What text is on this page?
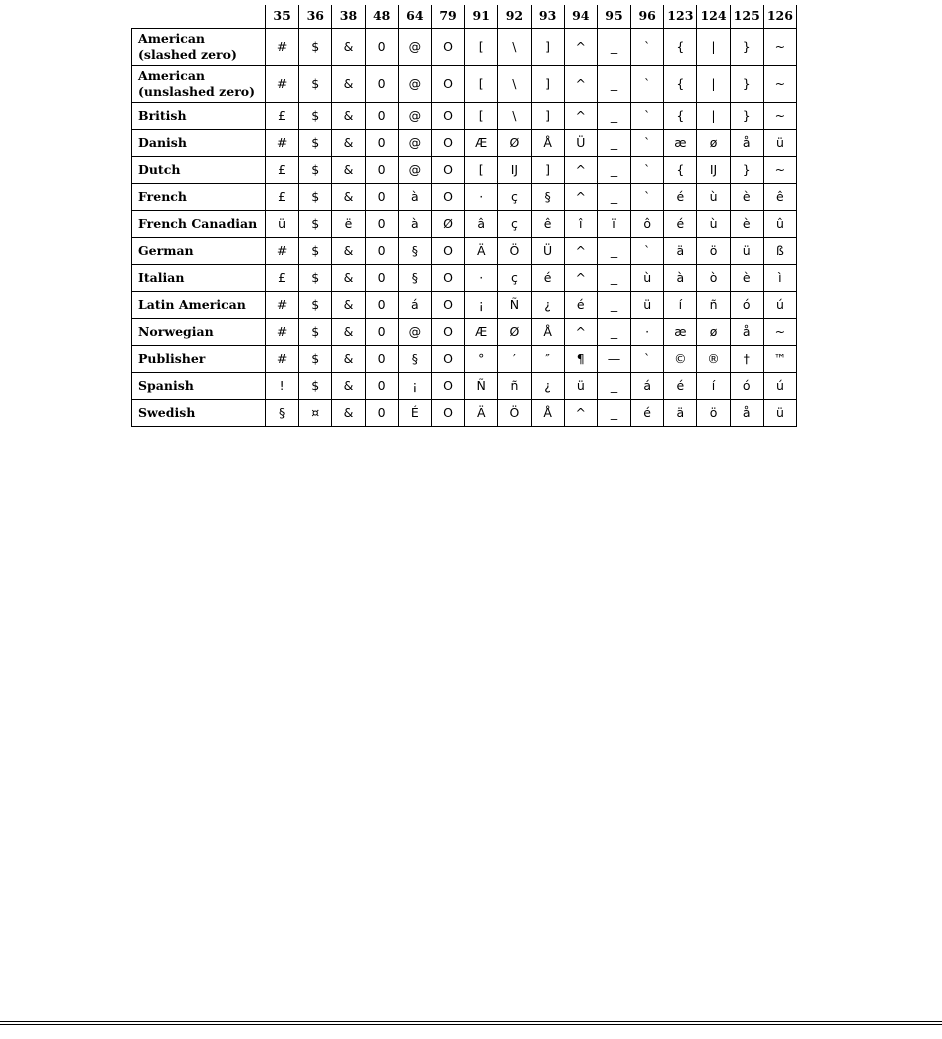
	35	36	38	48	64	79	91	92	93	94	95	96	123	124	125	126
American
(slashed zero)	#	$	&	0	@	O	[	\	]	^	_	`	{	|	}	~
American
(unslashed zero)	#	$	&	0	@	O	[	\	]	^	_	`	{	|	}	~
British	£	$	&	0	@	O	[	\	]	^	_	`	{	|	}	~
Danish	#	$	&	0	@	O	Æ	Ø	Å	Ü	_	`	æ	ø	å	ü
Dutch	£	$	&	0	@	O	[	IJ	]	^	_	`	{	IJ	}	~
French	£	$	&	0	à	O	·	ç	§	^	_	`	é	ù	è	ê
French Canadian	ü	$	ë	0	à	Ø	â	ç	ê	î	ï	ô	é	ù	è	û
German	#	$	&	0	§	O	Ä	Ö	Ü	^	_	`	ä	ö	ü	ß
Italian	£	$	&	0	§	O	·	ç	é	^	_	ù	à	ò	è	ì
Latin American	#	$	&	0	á	O	¡	Ñ	¿	é	_	ü	í	ñ	ó	ú
Norwegian	#	$	&	0	@	O	Æ	Ø	Å	^	_	·	æ	ø	å	~
Publisher	#	$	&	0	§	O	°	′	″	¶	—	`	©	®	†	™
Spanish	!	$	&	0	¡	O	Ñ	ñ	¿	ü	_	á	é	í	ó	ú
Swedish	§	¤	&	0	É	O	Ä	Ö	Å	^	_	é	ä	ö	å	ü
